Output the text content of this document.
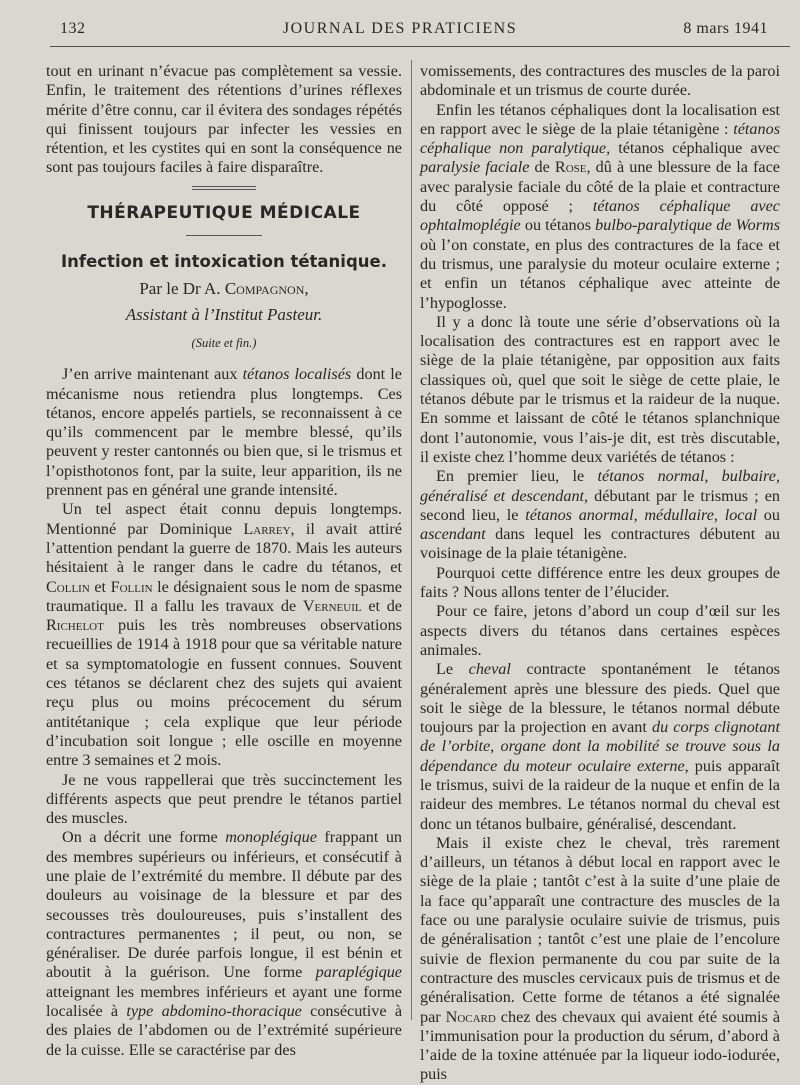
132	JOURNAL DES PRATICIENS	8 mars 1941

tout en urinant n’évacue pas complètement sa vessie. Enfin, le traitement des rétentions d’urines réflexes mérite d’être connu, car il évitera des sondages répétés qui finissent toujours par infecter les vessies en rétention, et les cystites qui en sont la conséquence ne sont pas toujours faciles à faire disparaître.

THÉRAPEUTIQUE MÉDICALE
Infection et intoxication tétanique.
Par le Dr A. Compagnon,
Assistant à l’Institut Pasteur.
(Suite et fin.)

J’en arrive maintenant aux tétanos localisés dont le mécanisme nous retiendra plus longtemps. Ces tétanos, encore appelés partiels, se reconnaissent à ce qu’ils commencent par le membre blessé, qu’ils peuvent y rester cantonnés ou bien que, si le trismus et l’opisthotonos font, par la suite, leur apparition, ils ne prennent pas en général une grande intensité.

Un tel aspect était connu depuis longtemps. Mentionné par Dominique Larrey, il avait attiré l’attention pendant la guerre de 1870. Mais les auteurs hésitaient à le ranger dans le cadre du tétanos, et Collin et Follin le désignaient sous le nom de spasme traumatique. Il a fallu les travaux de Verneuil et de Richelot puis les très nombreuses observations recueillies de 1914 à 1918 pour que sa véritable nature et sa symptomatologie en fussent connues. Souvent ces tétanos se déclarent chez des sujets qui avaient reçu plus ou moins précocement du sérum antitétanique ; cela explique que leur période d’incubation soit longue ; elle oscille en moyenne entre 3 semaines et 2 mois.

Je ne vous rappellerai que très succinctement les différents aspects que peut prendre le tétanos partiel des muscles.

On a décrit une forme monoplégique frappant un des membres supérieurs ou inférieurs, et consécutif à une plaie de l’extrémité du membre. Il débute par des douleurs au voisinage de la blessure et par des secousses très douloureuses, puis s’installent des contractures permanentes ; il peut, ou non, se généraliser. De durée parfois longue, il est bénin et aboutit à la guérison. Une forme paraplégique atteignant les membres inférieurs et ayant une forme localisée à type abdomino-thoracique consécutive à des plaies de l’abdomen ou de l’extrémité supérieure de la cuisse. Elle se caractérise par des

vomissements, des contractures des muscles de la paroi abdominale et un trismus de courte durée.

Enfin les tétanos céphaliques dont la localisation est en rapport avec le siège de la plaie tétanigène : tétanos céphalique non paralytique, tétanos céphalique avec paralysie faciale de Rose, dû à une blessure de la face avec paralysie faciale du côté de la plaie et contracture du côté opposé ; tétanos céphalique avec ophtalmoplégie ou tétanos bulbo-paralytique de Worms où l’on constate, en plus des contractures de la face et du trismus, une paralysie du moteur oculaire externe ; et enfin un tétanos céphalique avec atteinte de l’hypoglosse.

Il y a donc là toute une série d’observations où la localisation des contractures est en rapport avec le siège de la plaie tétanigène, par opposition aux faits classiques où, quel que soit le siège de cette plaie, le tétanos débute par le trismus et la raideur de la nuque. En somme et laissant de côté le tétanos splanchnique dont l’autonomie, vous l’ais-je dit, est très discutable, il existe chez l’homme deux variétés de tétanos :

En premier lieu, le tétanos normal, bulbaire, généralisé et descendant, débutant par le trismus ; en second lieu, le tétanos anormal, médullaire, local ou ascendant dans lequel les contractures débutent au voisinage de la plaie tétanigène.

Pourquoi cette différence entre les deux groupes de faits ? Nous allons tenter de l’élucider.

Pour ce faire, jetons d’abord un coup d’œil sur les aspects divers du tétanos dans certaines espèces animales.

Le cheval contracte spontanément le tétanos généralement après une blessure des pieds. Quel que soit le siège de la blessure, le tétanos normal débute toujours par la projection en avant du corps clignotant de l’orbite, organe dont la mobilité se trouve sous la dépendance du moteur oculaire externe, puis apparaît le trismus, suivi de la raideur de la nuque et enfin de la raideur des membres. Le tétanos normal du cheval est donc un tétanos bulbaire, généralisé, descendant.

Mais il existe chez le cheval, très rarement d’ailleurs, un tétanos à début local en rapport avec le siège de la plaie ; tantôt c’est à la suite d’une plaie de la face qu’apparaît une contracture des muscles de la face ou une paralysie oculaire suivie de trismus, puis de généralisation ; tantôt c’est une plaie de l’encolure suivie de flexion permanente du cou par suite de la contracture des muscles cervicaux puis de trismus et de généralisation. Cette forme de tétanos a été signalée par Nocard chez des chevaux qui avaient été soumis à l’immunisation pour la production du sérum, d’abord à l’aide de la toxine atténuée par la liqueur iodo-iodurée, puis
